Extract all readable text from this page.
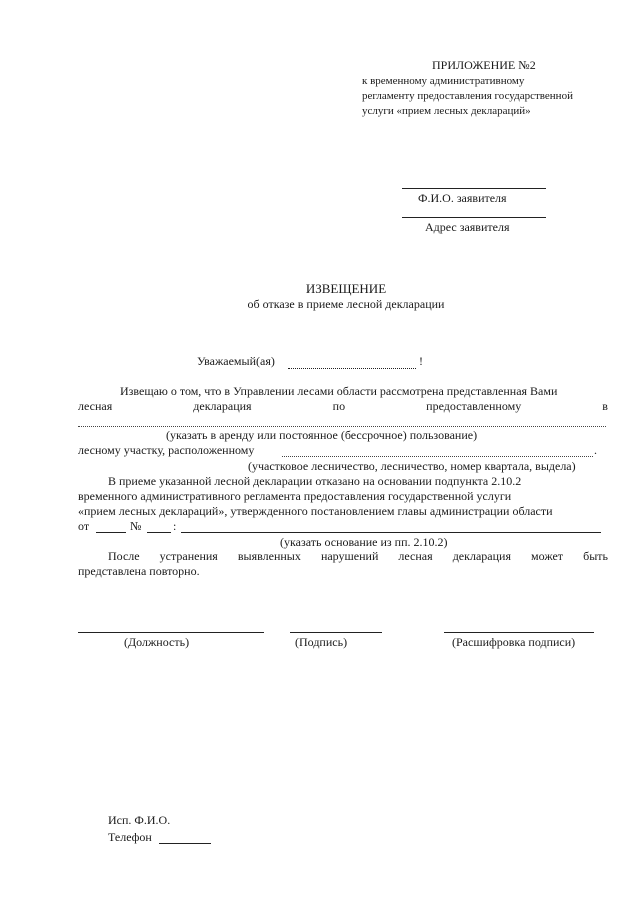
ПРИЛОЖЕНИЕ №2
к временному административному
регламенту предоставления государственной
услуги «прием лесных деклараций»
Ф.И.О. заявителя
Адрес заявителя
ИЗВЕЩЕНИЕ
об отказе в приеме лесной декларации
Уважаемый(ая)	!
Извещаю о том, что в Управлении лесами области рассмотрена представленная Вами
лесная	декларация	по	предоставленному	в
(указать в аренду или постоянное (бессрочное) пользование)
лесному участку, расположенному	.
(участковое лесничество, лесничество, номер квартала, выдела)
В приеме указанной лесной декларации отказано на основании подпункта 2.10.2
временного административного регламента предоставления государственной услуги
«прием лесных деклараций», утвержденного постановлением главы администрации области
от	№	:
(указать основание из пп. 2.10.2)
После устранения выявленных нарушений лесная декларация может быть
представлена повторно.
(Должность)	(Подпись)	(Расшифровка подписи)
Исп. Ф.И.О.
Телефон
